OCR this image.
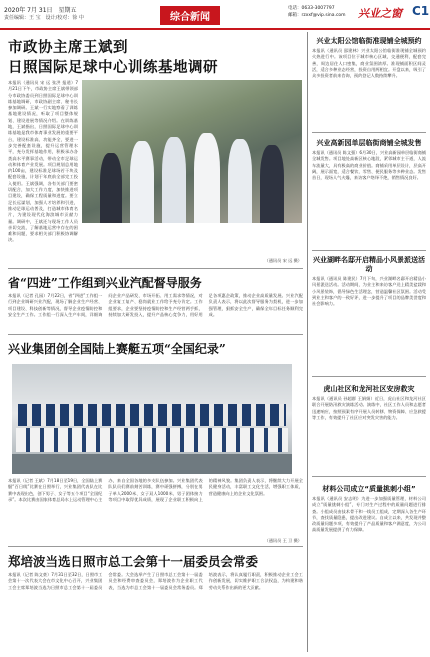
2020年 7月 31日　星期五
责任编辑：王 宝　设计/校对：徐 中	综合新闻
电话：0633-3007797
邮箱：rzxxf@vip.sina.com 兴业之窗 C1
市政协主席王斌到
日照国际足球中心训练基地调研
本报讯（通讯员 宋 远 张洪 报道）7月21日下午，市政协主席王斌带领部分市政协委员到日照国际足球中心训练基地调研，市政协副主席、秘书长参加调研。王斌一行实地察看了训练基地建设情况，听取了项目整体规划、建设进展等情况介绍。在训练基地，王斌指出，日照国际足球中心训练基地是我市体育事业发展的重要平台，建设标准高、功能齐全，要进一步完善配套设施，提升运营管理水平，充分发挥基地作用，积极承办各类高水平赛事活动，带动全市足球运动和体育产业发展。项目规划总用地约100亩，建设标准足球场若干块及配套设施，计划于年底前全部完工投入使用。王斌强调，各有关部门要密切配合，加大工作力度，加快推进项目建设，确保工程质量和进度。要立足长远谋划，加强人才培养和引进，推动足球运动普及，打造城市体育名片，为建设现代化海滨城市贡献力量。调研中，王斌还与现场工作人员亲切交流，了解基地运营中存在的困难和问题，要求相关部门积极协调解决。
（通讯员 宋 远 摄）
省“四进”工作组到兴业汽配督导服务
本报讯（记者 孔园）7月22日，省“四进”工作组一行到企业调研兴业汽配，现场了解企业生产经营、项目建设、科技创新等情况，督导企业疫情防控和安全生产工作。工作组一行深入生产车间，详细询问企业产品研发、市场开拓、用工需求等情况，对企业复工复产、稳岗就业工作给予充分肯定。工作组要求，企业要坚持疫情防控和生产经营两手抓，持续加大研发投入，提升产品核心竞争力，用好用足各项惠企政策，推动企业高质量发展。兴业汽配负责人表示，将以此次督导服务为契机，进一步加强管理，狠抓安全生产，确保全年目标任务顺利完成。
兴业集团创全国陆上赛艇五项“全国纪录”
本报讯（记者 王斌）7月18日至19日，全国陆上赛艇“百日线”比赛在日照举行，兴业集团代表队在比赛中表现出色，创下男子、女子等五个项目“全国纪录”。本次比赛由国家体育总局水上运动管理中心主办，来自全国各地的多支队伍参加。兴业集团代表队队员们赛前刻苦训练，赛中顽强拼搏，分别在男子单人2000米、女子双人1000米、男子团体接力等项目中取得优异成绩，展现了企业职工积极向上的精神风貌。集团负责人表示，将继续大力开展全民健身活动，丰富职工文化生活，增强职工体质，营造健康向上的企业文化氛围。
（通讯员 王 卫 摄）
郑培波当选日照市总工会第十一届委员会常委
本报讯（记者 陈文豪）7月31日至32日，日照市工会第十一次代表大会在市文化中心召开，兴业集团工会主席郑培波当选为日照市总工会第十一届委员会常委。大会选举产生了日照市总工会第十一届委员会和经费审查委员会，郑培波作为企业职工代表，当选为市总工会第十一届委员会常务委员。郑培波表示，将认真履行职责，积极推动企业工会工作创新发展，切实维护职工合法权益，为构建和谐劳动关系作出新的更大贡献。
兴业太阳公馆临街准现铺全城预约
本报讯（通讯员 邵建林）兴业太阳公馆临街准现铺全城预约火热进行中。该项目位于城市核心区域，交通便利，配套完善，周边居住人口密集，商业氛围浓厚。准现铺面积区间灵活，适合多种业态经营，投资自用两相宜。开盘以来，吸引了众多投资者前来咨询，预约登记人数持续攀升。
兴业高新园单层临街商铺全城发售
本报讯（通讯员 陈文强）6月30日，兴业高新园单层临街商铺全城发售。项目地处高新区核心地段，紧邻城市主干道，人流车流量大，具有极高的商业价值。商铺采用单层设计，层高开阔，展示面宽，适合餐饮、零售、便民服务等多种业态。发售首日，现场人气火爆，来访客户络绎不绝，销售情况良好。
兴业湖畔名邸开启精品小风景派送活动
本报讯（通讯员 陈建民）7月下旬，兴业湖畔名邸开启精品小风景派送活动。活动期间，为业主和来访客户送上精美盆栽和小风景装饰，倡导绿色生活理念，营造温馨社区氛围。活动受到业主和客户的一致好评，进一步提升了项目的品牌美誉度和社会影响力。
虎山社区和龙河社区安房救灾
本报讯（通讯员 孙超群 王娟娟）近日，虎山社区和龙河社区联合开展防汛救灾演练活动。演练中，社区工作人员和志愿者迅速响应，按照预案有序开展人员转移、物资保障、应急救援等工作，有效提升了社区应对突发灾害的能力。
材料公司成立“质量挑刺小组”
本报讯（通讯员 安志明）为进一步加强质量管理，材料公司成立“质量挑刺小组”，专门对生产过程中的质量问题进行排查。小组成员由技术骨干和一线员工组成，定期深入各生产环节，查找质量隐患，提出改进建议。自成立以来，共发现并整改质量问题多项，有效提升了产品质量和客户满意度，为公司高质量发展提供了有力保障。
